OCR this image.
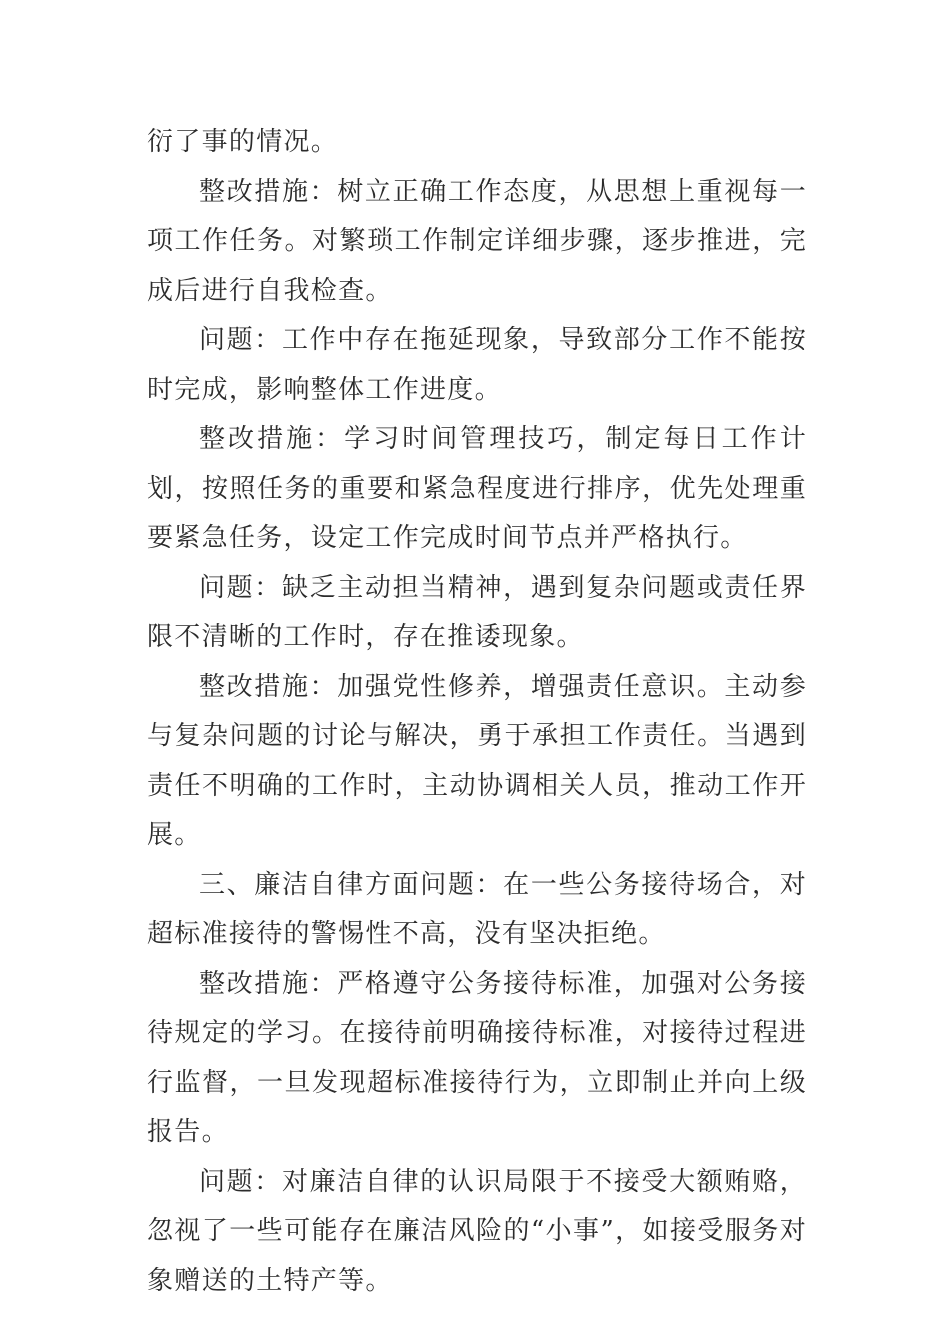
衍了事的情况。

整改措施：树立正确工作态度，从思想上重视每一项工作任务。对繁琐工作制定详细步骤，逐步推进，完成后进行自我检查。

问题：工作中存在拖延现象，导致部分工作不能按时完成，影响整体工作进度。

整改措施：学习时间管理技巧，制定每日工作计划，按照任务的重要和紧急程度进行排序，优先处理重要紧急任务，设定工作完成时间节点并严格执行。

问题：缺乏主动担当精神，遇到复杂问题或责任界限不清晰的工作时，存在推诿现象。

整改措施：加强党性修养，增强责任意识。主动参与复杂问题的讨论与解决，勇于承担工作责任。当遇到责任不明确的工作时，主动协调相关人员，推动工作开展。

三、廉洁自律方面问题：在一些公务接待场合，对超标准接待的警惕性不高，没有坚决拒绝。

整改措施：严格遵守公务接待标准，加强对公务接待规定的学习。在接待前明确接待标准，对接待过程进行监督，一旦发现超标准接待行为，立即制止并向上级报告。

问题：对廉洁自律的认识局限于不接受大额贿赂，忽视了一些可能存在廉洁风险的“小事”，如接受服务对象赠送的土特产等。
